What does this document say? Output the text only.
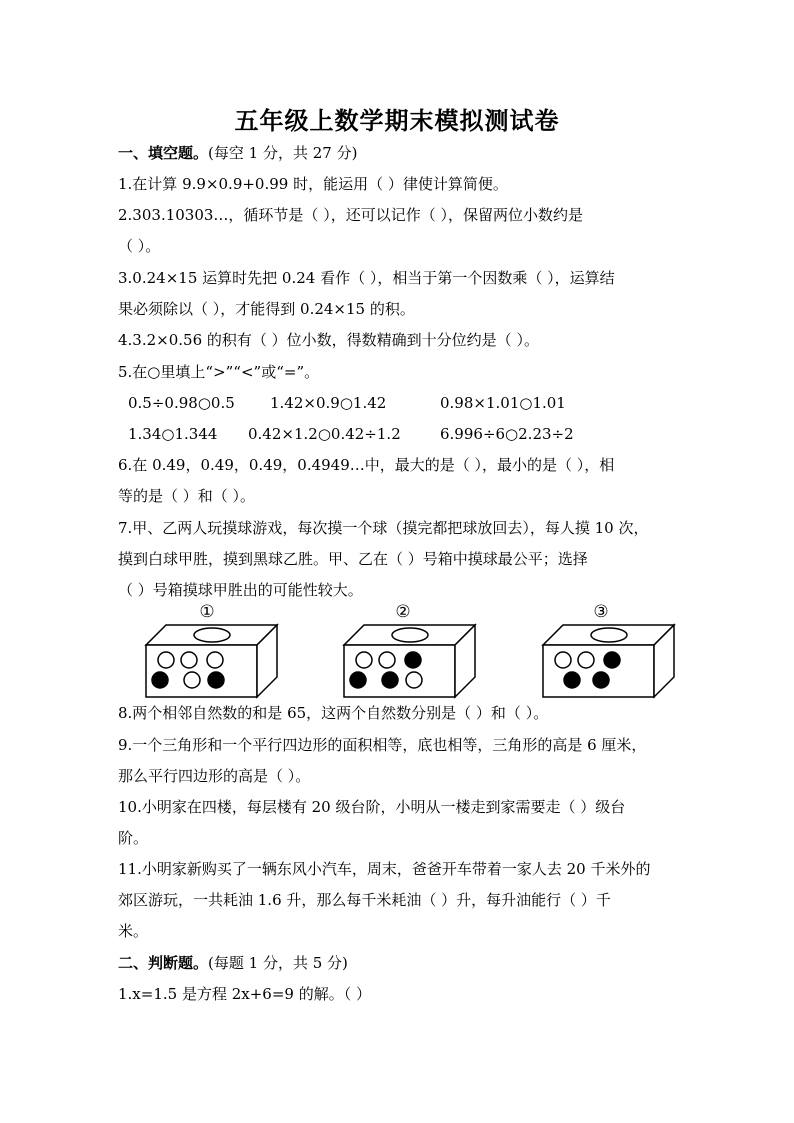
五年级上数学期末模拟测试卷
一、填空题。(每空 1 分，共 27 分)
1.在计算 9.9×0.9+0.99 时，能运用（ ）律使计算简便。
2.303.10303…，循环节是（ ），还可以记作（ ），保留两位小数约是
（ ）。
3.0.24×15 运算时先把 0.24 看作（ ），相当于第一个因数乘（ ），运算结
果必须除以（ ），才能得到 0.24×15 的积。
4.3.2×0.56 的积有（ ）位小数，得数精确到十分位约是（ ）。
5.在○里填上“>”“<”或“=”。
0.5÷0.98○0.5 1.42×0.9○1.42	0.98×1.01○1.01
1.34○1.344 0.42×1.2○0.42÷1.2	6.996÷6○2.23÷2
6.在 0.49，0.49，0.49，0.4949…中，最大的是（ ），最小的是（ ），相
等的是（ ）和（ ）。
7.甲、乙两人玩摸球游戏，每次摸一个球（摸完都把球放回去），每人摸 10 次，
摸到白球甲胜，摸到黑球乙胜。甲、乙在（ ）号箱中摸球最公平；选择
（ ）号箱摸球甲胜出的可能性较大。
①	②	③
8.两个相邻自然数的和是 65，这两个自然数分别是（ ）和（ ）。
9.一个三角形和一个平行四边形的面积相等，底也相等，三角形的高是 6 厘米，
那么平行四边形的高是（ ）。
10.小明家在四楼，每层楼有 20 级台阶，小明从一楼走到家需要走（ ）级台
阶。
11.小明家新购买了一辆东风小汽车，周末，爸爸开车带着一家人去 20 千米外的
郊区游玩，一共耗油 1.6 升，那么每千米耗油（ ）升，每升油能行（ ）千
米。
二、判断题。(每题 1 分，共 5 分)
1.x=1.5 是方程 2x+6=9 的解。（ ）
